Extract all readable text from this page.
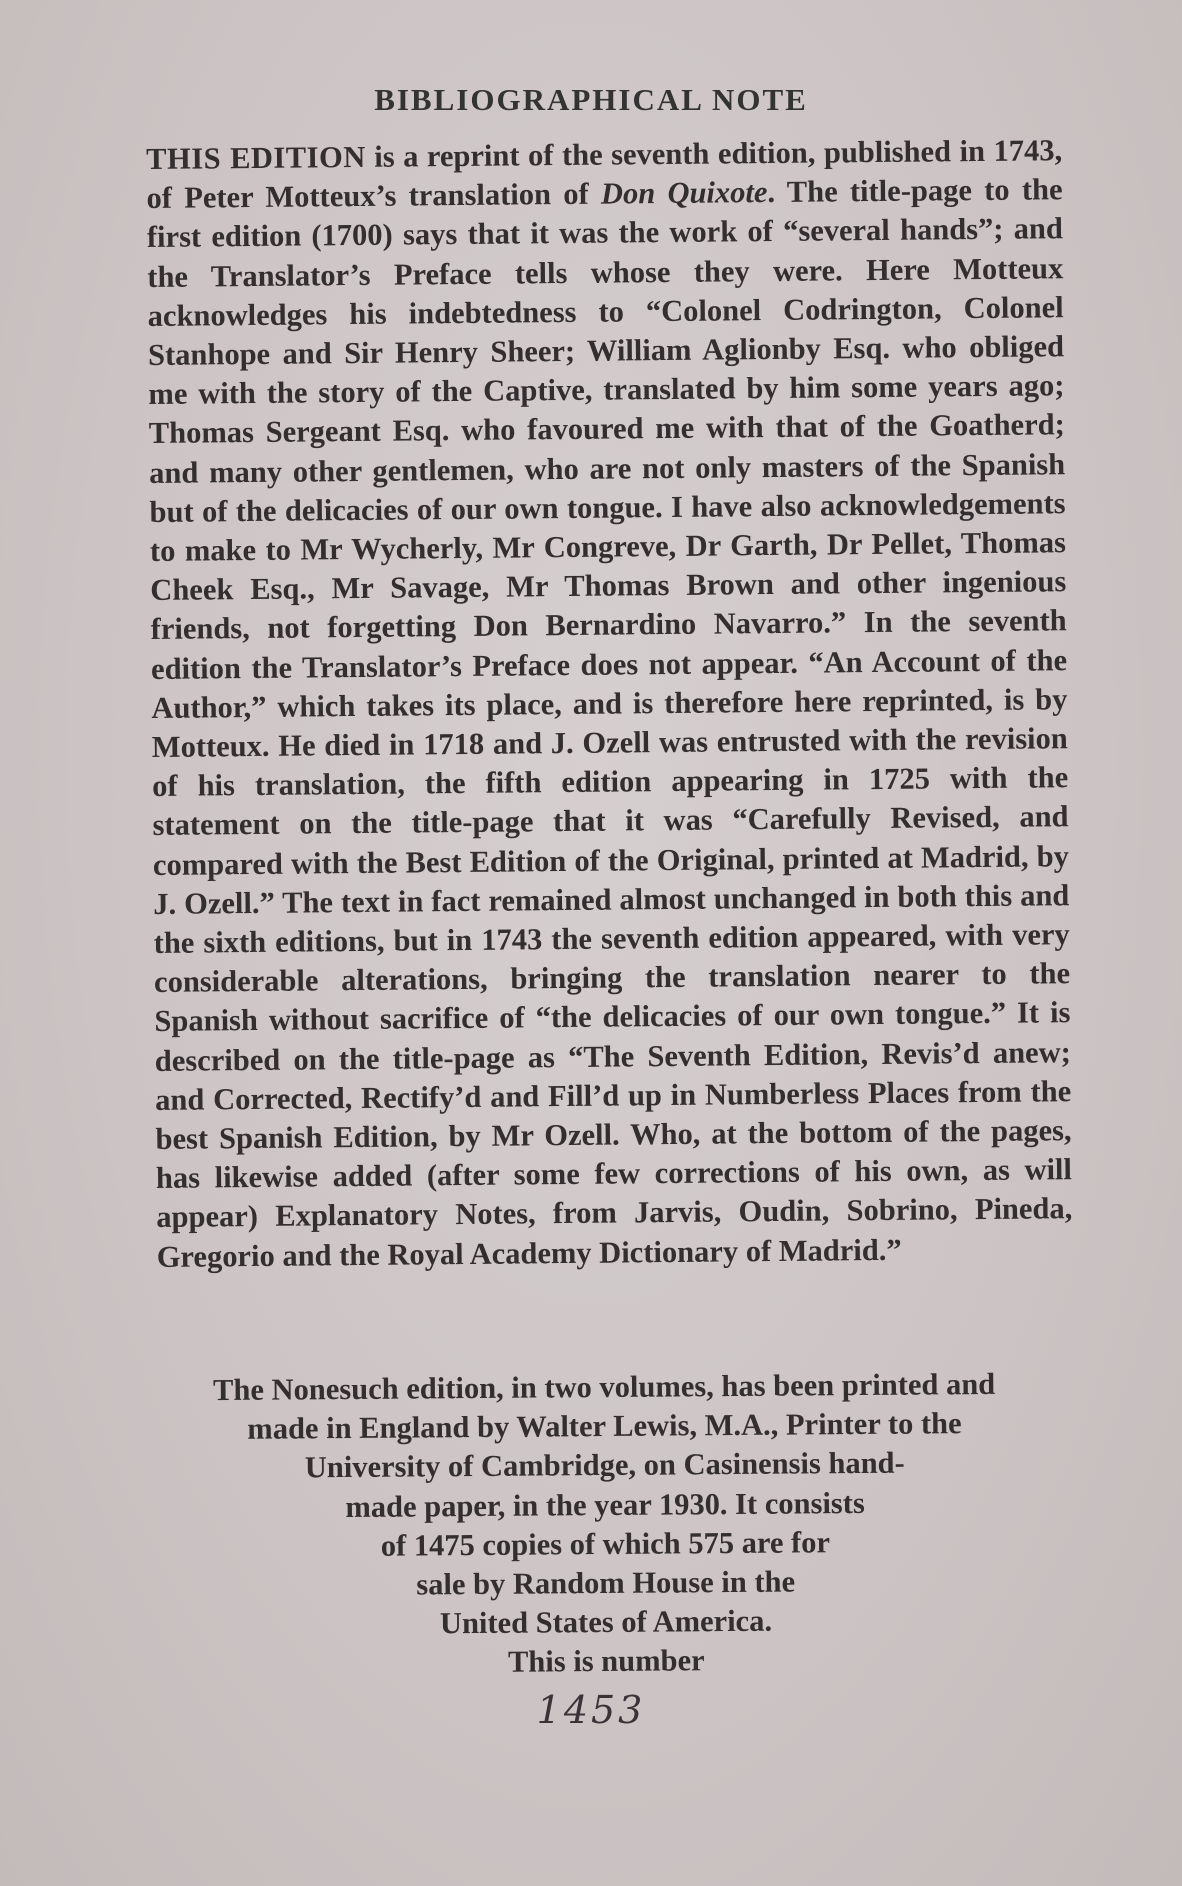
BIBLIOGRAPHICAL NOTE
THIS EDITION is a reprint of the seventh edition, published in 1743, of Peter Motteux’s translation of Don Quixote. The title-page to the first edition (1700) says that it was the work of “several hands”; and the Translator’s Preface tells whose they were. Here Motteux acknowledges his indebtedness to “Colonel Codrington, Colonel Stanhope and Sir Henry Sheer; William Aglionby Esq. who obliged me with the story of the Captive, translated by him some years ago; Thomas Sergeant Esq. who favoured me with that of the Goatherd; and many other gentlemen, who are not only masters of the Spanish but of the delicacies of our own tongue. I have also acknowledgements to make to Mr Wycherly, Mr Congreve, Dr Garth, Dr Pellet, Thomas Cheek Esq., Mr Savage, Mr Thomas Brown and other ingenious friends, not forgetting Don Bernardino Navarro.” In the seventh edition the Translator’s Preface does not appear. “An Account of the Author,” which takes its place, and is therefore here reprinted, is by Motteux. He died in 1718 and J. Ozell was entrusted with the revision of his translation, the fifth edition appearing in 1725 with the statement on the title-page that it was “Carefully Revised, and compared with the Best Edition of the Original, printed at Madrid, by J. Ozell.” The text in fact remained almost unchanged in both this and the sixth editions, but in 1743 the seventh edition appeared, with very considerable alterations, bringing the translation nearer to the Spanish without sacrifice of “the delicacies of our own tongue.” It is described on the title-page as “The Seventh Edition, Revis’d anew; and Corrected, Rectify’d and Fill’d up in Numberless Places from the best Spanish Edition, by Mr Ozell. Who, at the bottom of the pages, has likewise added (after some few corrections of his own, as will appear) Explanatory Notes, from Jarvis, Oudin, Sobrino, Pineda, Gregorio and the Royal Academy Dictionary of Madrid.”
The Nonesuch edition, in two volumes, has been printed and
made in England by Walter Lewis, M.A., Printer to the
University of Cambridge, on Casinensis hand-
made paper, in the year 1930. It consists
of 1475 copies of which 575 are for
sale by Random House in the
United States of America.
This is number
1453
